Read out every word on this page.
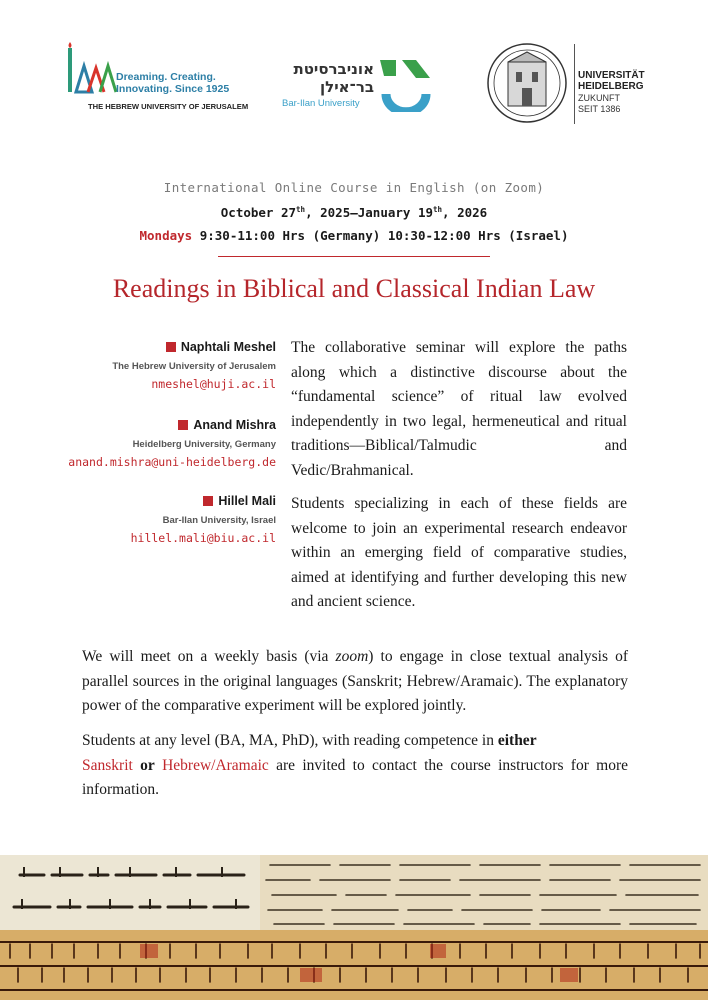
Dreaming. Creating.
Innovating. Since 1925
THE HEBREW UNIVERSITY OF JERUSALEM
אוניברסיטת
בר־אילן
Bar-Ilan University
UNIVERSITÄT
HEIDELBERG
ZUKUNFT
SEIT 1386
International Online Course in English (on Zoom)
October 27th, 2025—January 19th, 2026
Mondays 9:30-11:00 Hrs (Germany) 10:30-12:00 Hrs (Israel)
Readings in Biblical and Classical Indian Law
Naphtali Meshel
The Hebrew University of Jerusalem
nmeshel@huji.ac.il
Anand Mishra
Heidelberg University, Germany
anand.mishra@uni-heidelberg.de
Hillel Mali
Bar-Ilan University, Israel
hillel.mali@biu.ac.il
The collaborative seminar will explore the paths along which a distinctive discourse about the “fundamental science” of ritual law evolved independently in two legal, hermeneutical and ritual traditions—Biblical/Talmudic and Vedic/Brahmanical.
Students specializing in each of these fields are welcome to join an experimental research endeavor within an emerging field of comparative studies, aimed at identifying and further developing this new and ancient science.
We will meet on a weekly basis (via zoom) to engage in close textual analysis of parallel sources in the original languages (Sanskrit; Hebrew/Aramaic). The explanatory power of the comparative experiment will be explored jointly.
Students at any level (BA, MA, PhD), with reading competence in either
Sanskrit or Hebrew/Aramaic are invited to contact the course instructors for more information.
